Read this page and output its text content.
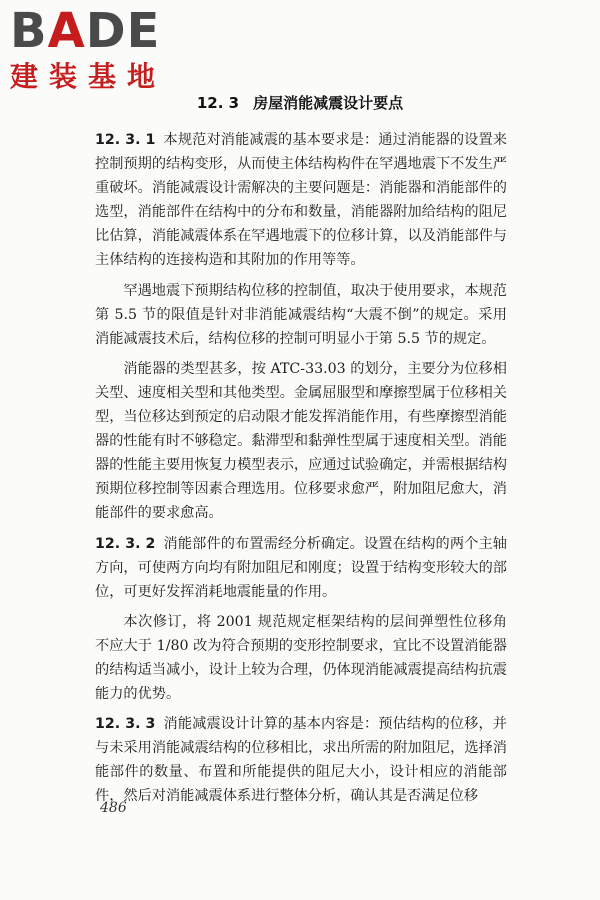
B A D E
建装基地
12. 3 房屋消能减震设计要点

12. 3. 1 本规范对消能减震的基本要求是：通过消能器的设置来控制预期的结构变形，从而使主体结构构件在罕遇地震下不发生严重破坏。消能减震设计需解决的主要问题是：消能器和消能部件的选型，消能部件在结构中的分布和数量，消能器附加给结构的阻尼比估算，消能减震体系在罕遇地震下的位移计算，以及消能部件与主体结构的连接构造和其附加的作用等等。

罕遇地震下预期结构位移的控制值，取决于使用要求，本规范第 5.5 节的限值是针对非消能减震结构“大震不倒”的规定。采用消能减震技术后，结构位移的控制可明显小于第 5.5 节的规定。

消能器的类型甚多，按 ATC-33.03 的划分，主要分为位移相关型、速度相关型和其他类型。金属屈服型和摩擦型属于位移相关型，当位移达到预定的启动限才能发挥消能作用，有些摩擦型消能器的性能有时不够稳定。黏滞型和黏弹性型属于速度相关型。消能器的性能主要用恢复力模型表示，应通过试验确定，并需根据结构预期位移控制等因素合理选用。位移要求愈严，附加阻尼愈大，消能部件的要求愈高。

12. 3. 2 消能部件的布置需经分析确定。设置在结构的两个主轴方向，可使两方向均有附加阻尼和刚度；设置于结构变形较大的部位，可更好发挥消耗地震能量的作用。

本次修订，将 2001 规范规定框架结构的层间弹塑性位移角不应大于 1/80 改为符合预期的变形控制要求，宜比不设置消能器的结构适当减小，设计上较为合理，仍体现消能减震提高结构抗震能力的优势。

12. 3. 3 消能减震设计计算的基本内容是：预估结构的位移，并与未采用消能减震结构的位移相比，求出所需的附加阻尼，选择消能部件的数量、布置和所能提供的阻尼大小，设计相应的消能部件，然后对消能减震体系进行整体分析，确认其是否满足位移

486
